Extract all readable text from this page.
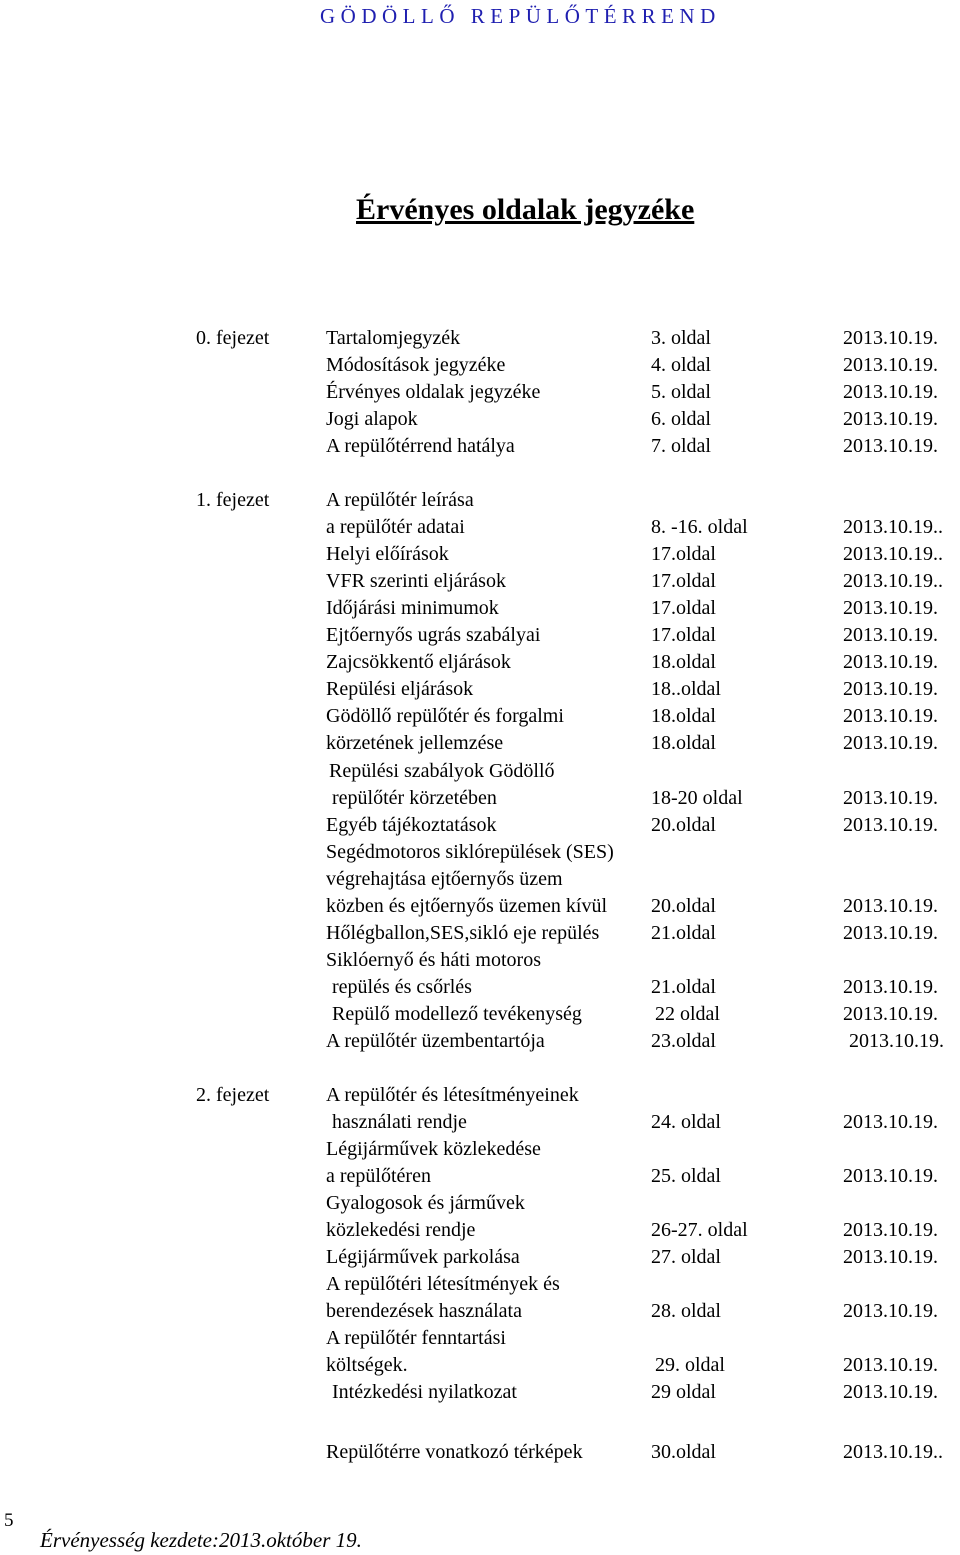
GÖDÖLLŐ REPÜLŐTÉRREND
Érvényes oldalak jegyzéke
0. fejezet	Tartalomjegyzék	3. oldal	2013.10.19.
Módosítások jegyzéke	4. oldal	2013.10.19.
Érvényes oldalak jegyzéke	5. oldal	2013.10.19.
Jogi alapok	6. oldal	2013.10.19.
A repülőtérrend hatálya	7. oldal	2013.10.19.
1. fejezet	A repülőtér leírása
a repülőtér adatai	8. -16. oldal	2013.10.19..
Helyi előírások	17.oldal	2013.10.19..
VFR szerinti eljárások	17.oldal	2013.10.19..
Időjárási minimumok	17.oldal	2013.10.19.
Ejtőernyős ugrás szabályai	17.oldal	2013.10.19.
Zajcsökkentő eljárások	18.oldal	2013.10.19.
Repülési eljárások	18..oldal	2013.10.19.
Gödöllő repülőtér és forgalmi	18.oldal	2013.10.19.
körzetének jellemzése	18.oldal	2013.10.19.
Repülési szabályok Gödöllő
repülőtér körzetében	18-20 oldal	2013.10.19.
Egyéb tájékoztatások	20.oldal	2013.10.19.
Segédmotoros siklórepülések (SES)
végrehajtása ejtőernyős üzem
közben és ejtőernyős üzemen kívül 20.oldal	2013.10.19.
Hőlégballon,SES,sikló eje repülés	21.oldal	2013.10.19.
Siklóernyő és háti motoros
repülés és csőrlés	21.oldal	2013.10.19.
Repülő modellező tevékenység	22 oldal	2013.10.19.
A repülőtér üzembentartója	23.oldal	2013.10.19.
2. fejezet	A repülőtér és létesítményeinek
használati rendje	24. oldal	2013.10.19.
Légijárművek közlekedése
a repülőtéren	25. oldal	2013.10.19.
Gyalogosok és járművek
közlekedési rendje	26-27. oldal	2013.10.19.
Légijárművek parkolása	27. oldal	2013.10.19.
A repülőtéri létesítmények és
berendezések használata	28. oldal	2013.10.19.
A repülőtér fenntartási
költségek.	29. oldal	2013.10.19.
Intézkedési nyilatkozat	29 oldal	2013.10.19.
Repülőtérre vonatkozó térképek	30.oldal	2013.10.19..
5
Érvényesség kezdete:2013.október 19.
